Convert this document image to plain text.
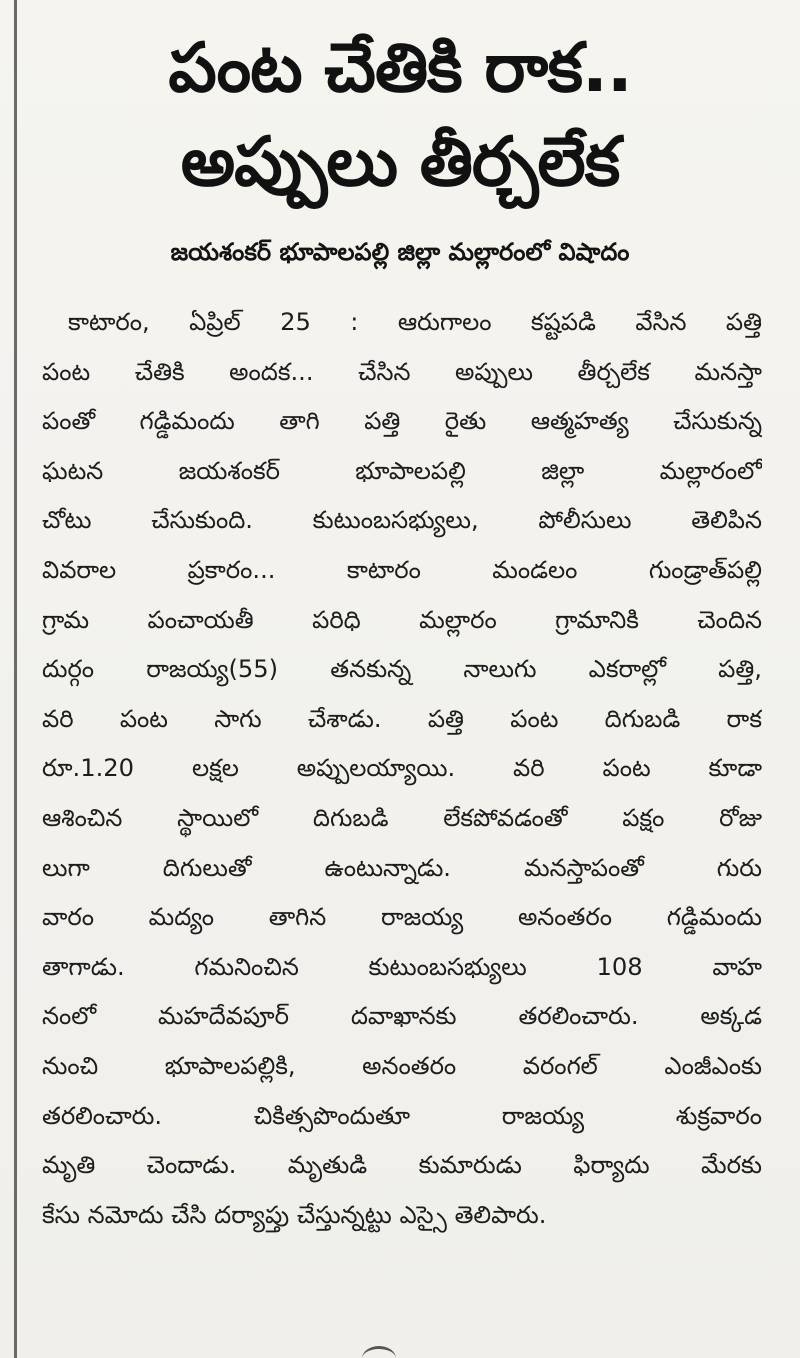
పంట చేతికి రాక..
అప్పులు తీర్చలేక
జయశంకర్ భూపాలపల్లి జిల్లా మల్లారంలో విషాదం
కాటారం, ఏప్రిల్ 25 : ఆరుగాలం కష్టపడి వేసిన పత్తి
పంట చేతికి అందక... చేసిన అప్పులు తీర్చలేక మనస్తా
పంతో గడ్డిమందు తాగి పత్తి రైతు ఆత్మహత్య చేసుకున్న
ఘటన జయశంకర్ భూపాలపల్లి జిల్లా మల్లారంలో
చోటు చేసుకుంది. కుటుంబసభ్యులు, పోలీసులు తెలిపిన
వివరాల ప్రకారం... కాటారం మండలం గుండ్రాత్‌పల్లి
గ్రామ పంచాయతీ పరిధి మల్లారం గ్రామానికి చెందిన
దుర్గం రాజయ్య(55) తనకున్న నాలుగు ఎకరాల్లో పత్తి,
వరి పంట సాగు చేశాడు. పత్తి పంట దిగుబడి రాక
రూ.1.20 లక్షల అప్పులయ్యాయి. వరి పంట కూడా
ఆశించిన స్థాయిలో దిగుబడి లేకపోవడంతో పక్షం రోజు
లుగా దిగులుతో ఉంటున్నాడు. మనస్తాపంతో గురు
వారం మద్యం తాగిన రాజయ్య అనంతరం గడ్డిమందు
తాగాడు. గమనించిన కుటుంబసభ్యులు 108 వాహ
నంలో మహదేవపూర్ దవాఖానకు తరలించారు. అక్కడ
నుంచి భూపాలపల్లికి, అనంతరం వరంగల్ ఎంజీఎంకు
తరలించారు. చికిత్సపొందుతూ రాజయ్య శుక్రవారం
మృతి చెందాడు. మృతుడి కుమారుడు ఫిర్యాదు మేరకు
కేసు నమోదు చేసి దర్యాప్తు చేస్తున్నట్టు ఎస్సై తెలిపారు.
